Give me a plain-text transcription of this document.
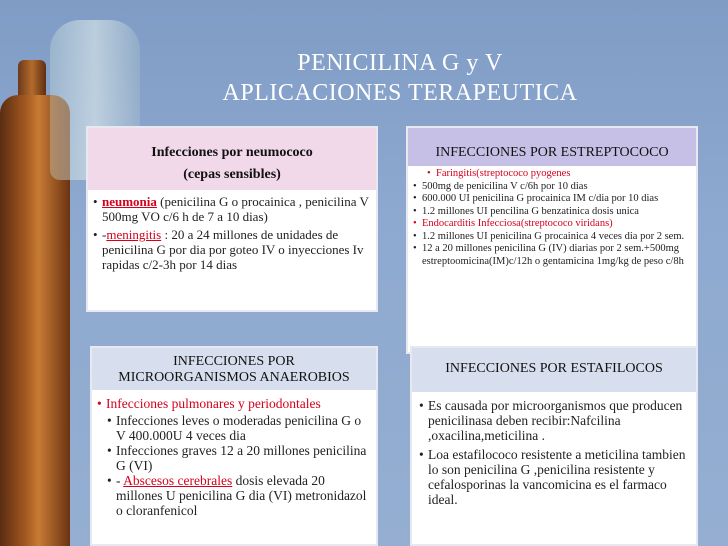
PENICILINA G y V
APLICACIONES TERAPEUTICA
Infecciones por neumococo
(cepas sensibles)
• neumonia (penicilina G o procainica , penicilina V 500mg VO c/6 h de 7 a 10 dias)
• -meningitis : 20 a 24 millones de unidades de penicilina G por dia por goteo IV o inyecciones Iv rapidas c/2-3h por 14 dias
INFECCIONES POR ESTREPTOCOCO
• Faringitis(streptococo pyogenes
• 500mg de penicilina V c/6h por 10 dias
• 600.000 UI penicilina G procainica IM c/dia por 10 dias
• 1.2 millones UI pencilina G benzatinica dosis unica
• Endocarditis Infecciosa(streptococo viridans)
• 1.2 millones UI penicilina G procainica 4 veces dia por 2 sem.
• 12 a 20 millones penicilina G (IV) diarias por 2 sem.+500mg estreptoomicina(IM)c/12h o gentamicina 1mg/kg de peso c/8h
INFECCIONES POR
MICROORGANISMOS ANAEROBIOS
• Infecciones pulmonares y periodontales
• Infecciones leves o moderadas penicilina G o V 400.000U 4 veces dia
• Infecciones graves 12 a 20 millones penicilina G (VI)
• - Abscesos cerebrales dosis elevada 20 millones U penicilina G dia (VI) metronidazol o cloranfenicol
INFECCIONES POR ESTAFILOCOS
• Es causada por microorganismos que producen penicilinasa deben recibir:Nafcilina ,oxacilina,meticilina .
• Loa estafilococo resistente a meticilina tambien lo son penicilina G ,penicilina resistente y cefalosporinas la vancomicina es el farmaco ideal.
